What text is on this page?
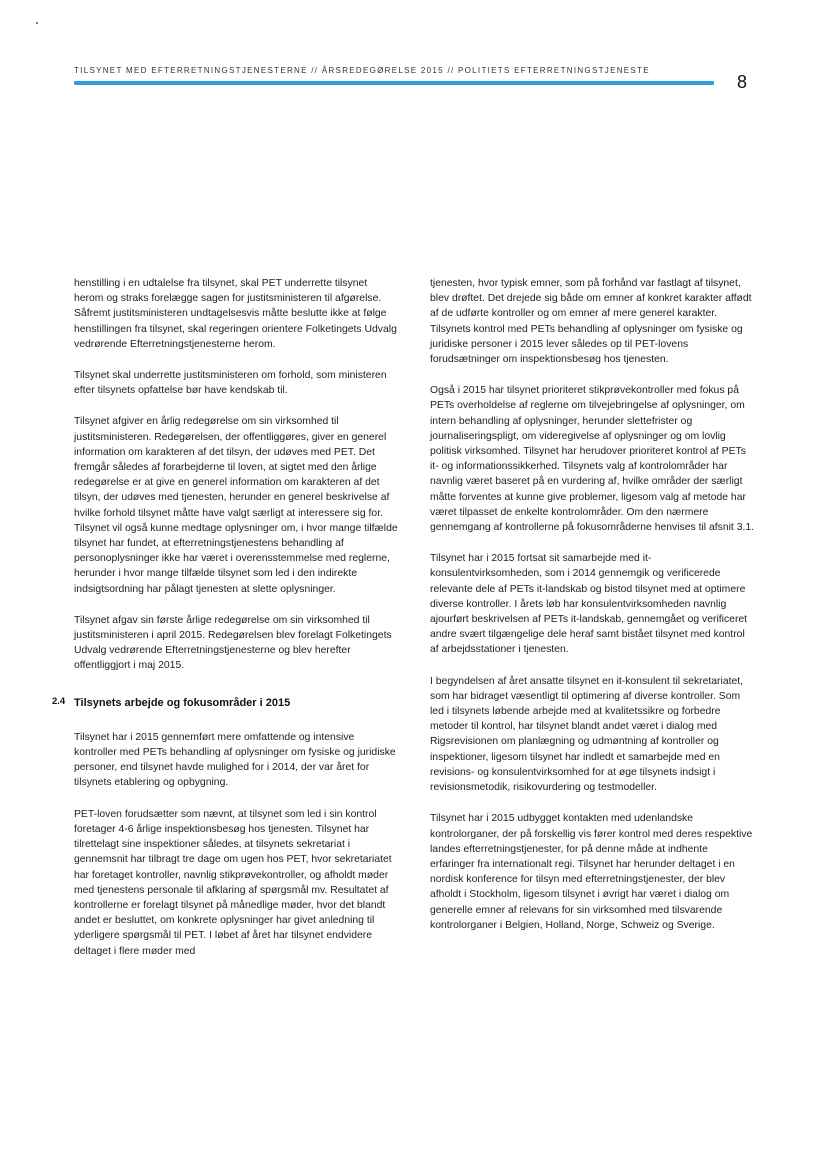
TILSYNET MED EFTERRETNINGSTJENESTERNE // ÅRSREDEGØRELSE 2015 // POLITIETS EFTERRETNINGSTJENESTE
8

henstilling i en udtalelse fra tilsynet, skal PET underrette tilsynet herom og straks forelægge sagen for justitsministeren til afgørelse. Såfremt justitsministeren undtagelsesvis måtte beslutte ikke at følge henstillingen fra tilsynet, skal regeringen orientere Folketingets Udvalg vedrørende Efterretningstjenesterne herom.

Tilsynet skal underrette justitsministeren om forhold, som ministeren efter tilsynets opfattelse bør have kendskab til.

Tilsynet afgiver en årlig redegørelse om sin virksomhed til justitsministeren. Redegørelsen, der offentliggøres, giver en generel information om karakteren af det tilsyn, der udøves med PET. Det fremgår således af forarbejderne til loven, at sigtet med den årlige redegørelse er at give en generel information om karakteren af det tilsyn, der udøves med tjenesten, herunder en generel beskrivelse af hvilke forhold tilsynet måtte have valgt særligt at interessere sig for. Tilsynet vil også kunne medtage oplysninger om, i hvor mange tilfælde tilsynet har fundet, at efterretningstjenestens behandling af personoplysninger ikke har været i overensstemmelse med reglerne, herunder i hvor mange tilfælde tilsynet som led i den indirekte indsigtsordning har pålagt tjenesten at slette oplysninger.

Tilsynet afgav sin første årlige redegørelse om sin virksomhed til justitsministeren i april 2015. Redegørelsen blev forelagt Folketingets Udvalg vedrørende Efterretningstjenesterne og blev herefter offentliggjort i maj 2015.

2.4 Tilsynets arbejde og fokusområder i 2015

Tilsynet har i 2015 gennemført mere omfattende og intensive kontroller med PETs behandling af oplysninger om fysiske og juridiske personer, end tilsynet havde mulighed for i 2014, der var året for tilsynets etablering og opbygning.

PET-loven forudsætter som nævnt, at tilsynet som led i sin kontrol foretager 4-6 årlige inspektionsbesøg hos tjenesten. Tilsynet har tilrettelagt sine inspektioner således, at tilsynets sekretariat i gennemsnit har tilbragt tre dage om ugen hos PET, hvor sekretariatet har foretaget kontroller, navnlig stikprøvekontroller, og afholdt møder med tjenestens personale til afklaring af spørgsmål mv. Resultatet af kontrollerne er forelagt tilsynet på månedlige møder, hvor det blandt andet er besluttet, om konkrete oplysninger har givet anledning til yderligere spørgsmål til PET. I løbet af året har tilsynet endvidere deltaget i flere møder med

tjenesten, hvor typisk emner, som på forhånd var fastlagt af tilsynet, blev drøftet. Det drejede sig både om emner af konkret karakter affødt af de udførte kontroller og om emner af mere generel karakter. Tilsynets kontrol med PETs behandling af oplysninger om fysiske og juridiske personer i 2015 lever således op til PET-lovens forudsætninger om inspektionsbesøg hos tjenesten.

Også i 2015 har tilsynet prioriteret stikprøvekontroller med fokus på PETs overholdelse af reglerne om tilvejebringelse af oplysninger, om intern behandling af oplysninger, herunder slettefrister og journaliseringspligt, om videregivelse af oplysninger og om lovlig politisk virksomhed. Tilsynet har herudover prioriteret kontrol af PETs it- og informationssikkerhed. Tilsynets valg af kontrolområder har navnlig været baseret på en vurdering af, hvilke områder der særligt måtte forventes at kunne give problemer, ligesom valg af metode har været tilpasset de enkelte kontrolområder. Om den nærmere gennemgang af kontrollerne på fokusområderne henvises til afsnit 3.1.

Tilsynet har i 2015 fortsat sit samarbejde med it-konsulentvirksomheden, som i 2014 gennemgik og verificerede relevante dele af PETs it-landskab og bistod tilsynet med at optimere diverse kontroller. I årets løb har konsulentvirksomheden navnlig ajourført beskrivelsen af PETs it-landskab, gennemgået og verificeret andre svært tilgængelige dele heraf samt bistået tilsynet med kontrol af arbejdsstationer i tjenesten.

I begyndelsen af året ansatte tilsynet en it-konsulent til sekretariatet, som har bidraget væsentligt til optimering af diverse kontroller. Som led i tilsynets løbende arbejde med at kvalitetssikre og forbedre metoder til kontrol, har tilsynet blandt andet været i dialog med Rigsrevisionen om planlægning og udmøntning af kontroller og inspektioner, ligesom tilsynet har indledt et samarbejde med en revisions- og konsulentvirksomhed for at øge tilsynets indsigt i revisionsmetodik, risikovurdering og testmodeller.

Tilsynet har i 2015 udbygget kontakten med udenlandske kontrolorganer, der på forskellig vis fører kontrol med deres respektive landes efterretningstjenester, for på denne måde at indhente erfaringer fra internationalt regi. Tilsynet har herunder deltaget i en nordisk konference for tilsyn med efterretningstjenester, der blev afholdt i Stockholm, ligesom tilsynet i øvrigt har været i dialog om generelle emner af relevans for sin virksomhed med tilsvarende kontrolorganer i Belgien, Holland, Norge, Schweiz og Sverige.
